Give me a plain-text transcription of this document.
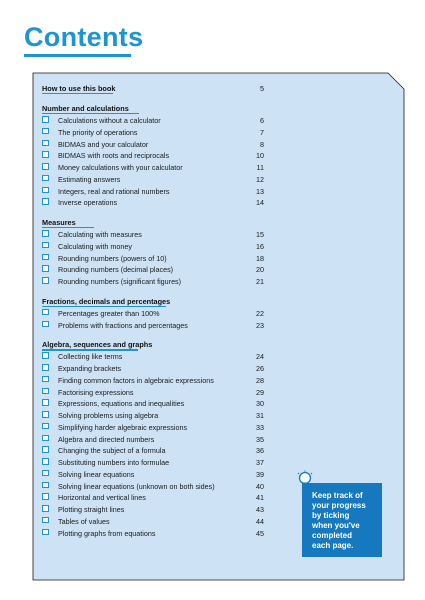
Contents
How to use this book	5
Number and calculations
Calculations without a calculator	6
The priority of operations	7
BIDMAS and your calculator	8
BIDMAS with roots and reciprocals	10
Money calculations with your calculator	11
Estimating answers	12
Integers, real and rational numbers	13
Inverse operations	14
Measures
Calculating with measures	15
Calculating with money	16
Rounding numbers (powers of 10)	18
Rounding numbers (decimal places)	20
Rounding numbers (significant figures)	21
Fractions, decimals and percentages
Percentages greater than 100%	22
Problems with fractions and percentages	23
Algebra, sequences and graphs
Collecting like terms	24
Expanding brackets	26
Finding common factors in algebraic expressions	28
Factorising expressions	29
Expressions, equations and inequalities	30
Solving problems using algebra	31
Simplifying harder algebraic expressions	33
Algebra and directed numbers	35
Changing the subject of a formula	36
Substituting numbers into formulae	37
Solving linear equations	39
Solving linear equations (unknown on both sides)	40
Horizontal and vertical lines	41
Plotting straight lines	43
Tables of values	44
Plotting graphs from equations	45
Keep track of
your progress
by ticking
when you've
completed
each page.
